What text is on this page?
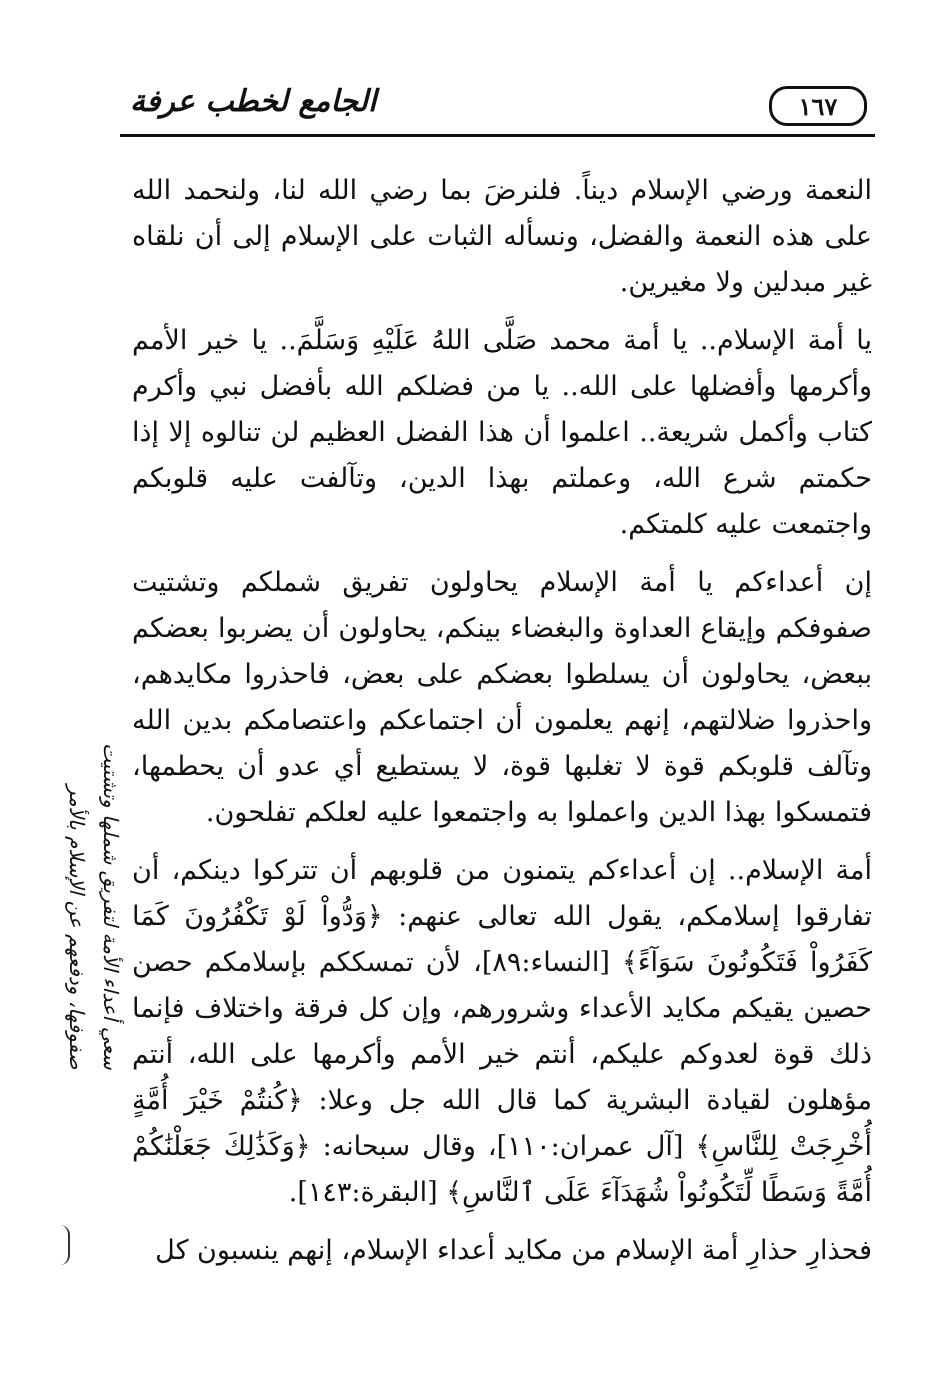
الجامع لخطب عرفة	١٦٧
سعي أعداء الأمة لتفريق شملها وتشتيت
صفوفها، ودفعهم عن الإسلام بالأمر

النعمة ورضي الإسلام ديناً. فلنرضَ بما رضي الله لنا، ولنحمد الله على هذه النعمة والفضل، ونسأله الثبات على الإسلام إلى أن نلقاه غير مبدلين ولا مغيرين.

يا أمة الإسلام.. يا أمة محمد صَلَّى اللهُ عَلَيْهِ وَسَلَّمَ.. يا خير الأمم وأكرمها وأفضلها على الله.. يا من فضلكم الله بأفضل نبي وأكرم كتاب وأكمل شريعة.. اعلموا أن هذا الفضل العظيم لن تنالوه إلا إذا حكمتم شرع الله، وعملتم بهذا الدين، وتآلفت عليه قلوبكم واجتمعت عليه كلمتكم.

إن أعداءكم يا أمة الإسلام يحاولون تفريق شملكم وتشتيت صفوفكم وإيقاع العداوة والبغضاء بينكم، يحاولون أن يضربوا بعضكم ببعض، يحاولون أن يسلطوا بعضكم على بعض، فاحذروا مكايدهم، واحذروا ضلالتهم، إنهم يعلمون أن اجتماعكم واعتصامكم بدين الله وتآلف قلوبكم قوة لا تغلبها قوة، لا يستطيع أي عدو أن يحطمها، فتمسكوا بهذا الدين واعملوا به واجتمعوا عليه لعلكم تفلحون.

أمة الإسلام.. إن أعداءكم يتمنون من قلوبهم أن تتركوا دينكم، أن تفارقوا إسلامكم، يقول الله تعالى عنهم: ﴿وَدُّواْ لَوْ تَكْفُرُونَ كَمَا كَفَرُواْ فَتَكُونُونَ سَوَآءً﴾ [النساء:٨٩]، لأن تمسككم بإسلامكم حصن حصين يقيكم مكايد الأعداء وشرورهم، وإن كل فرقة واختلاف فإنما ذلك قوة لعدوكم عليكم، أنتم خير الأمم وأكرمها على الله، أنتم مؤهلون لقيادة البشرية كما قال الله جل وعلا: ﴿كُنتُمْ خَيْرَ أُمَّةٍ أُخْرِجَتْ لِلنَّاسِ﴾ [آل عمران:١١٠]، وقال سبحانه: ﴿وَكَذَٰلِكَ جَعَلْنَٰكُمْ أُمَّةً وَسَطًا لِّتَكُونُواْ شُهَدَآءَ عَلَى ٱلنَّاسِ﴾ [البقرة:١٤٣].

فحذارِ حذارِ أمة الإسلام من مكايد أعداء الإسلام، إنهم ينسبون كل
